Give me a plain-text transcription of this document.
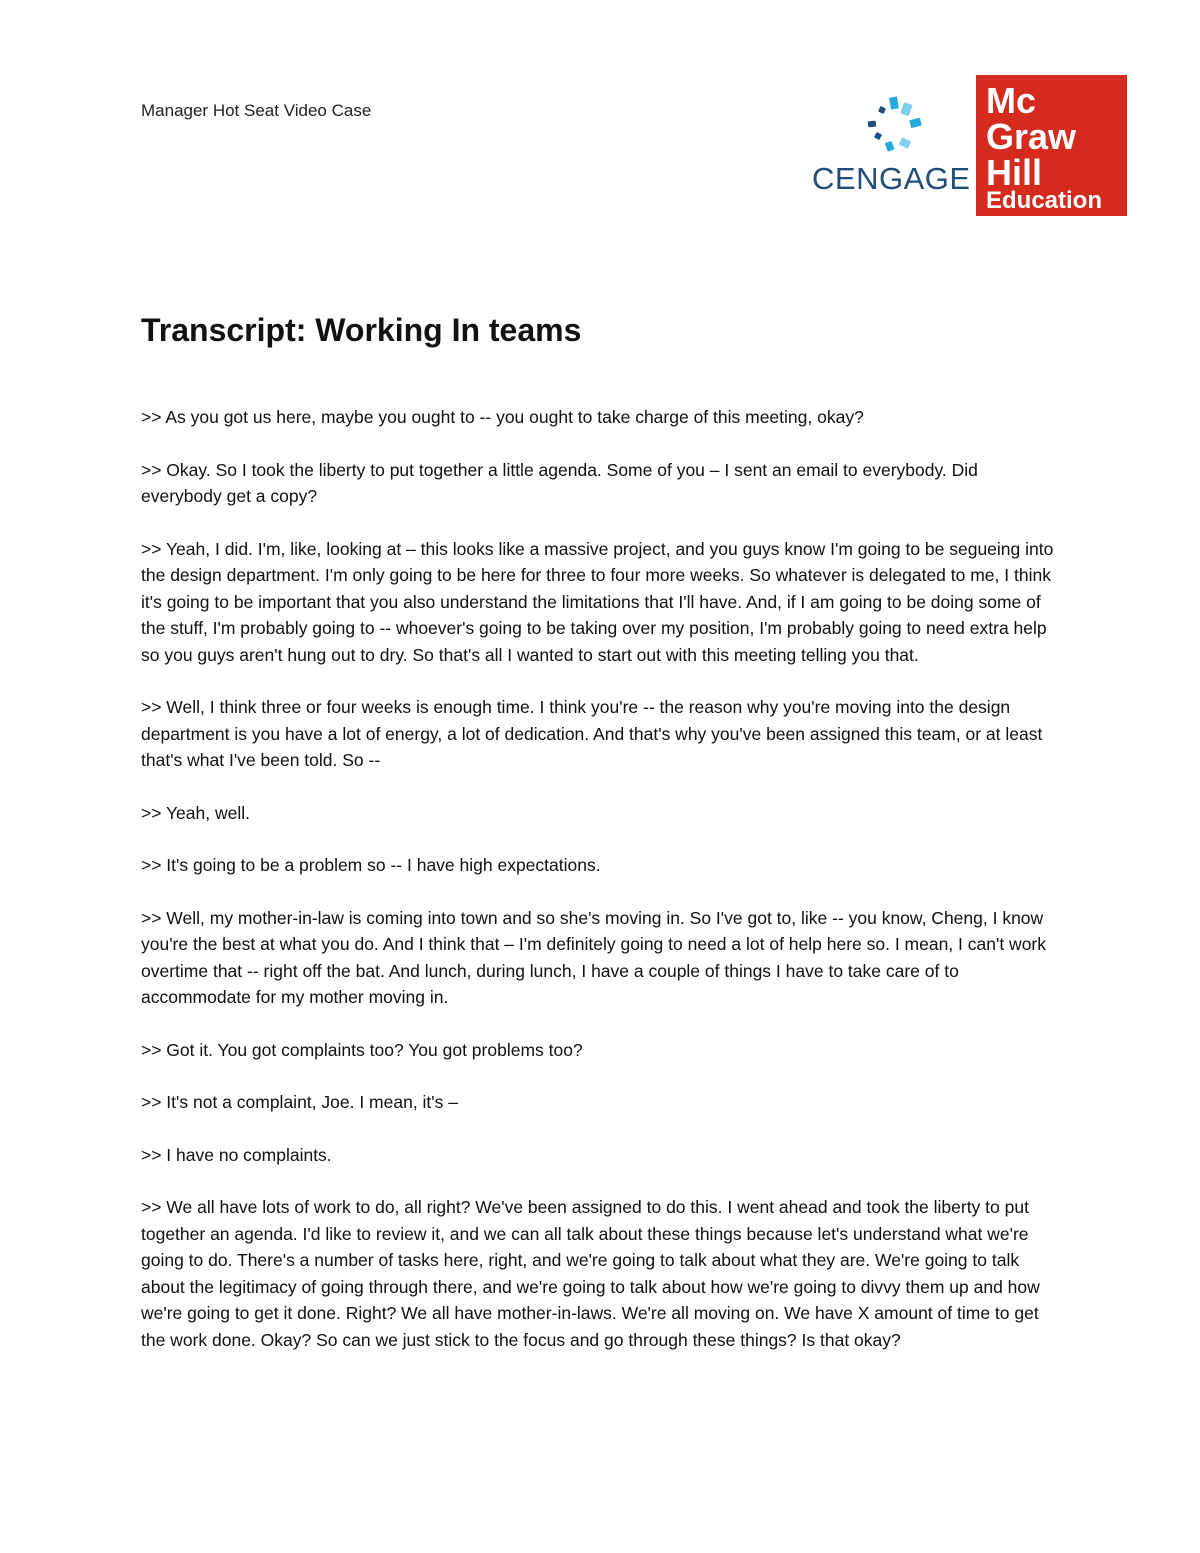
Manager Hot Seat Video Case
CENGAGE
Mc
Graw
Hill
Education
Transcript: Working In teams

>> As you got us here, maybe you ought to -- you ought to take charge of this meeting, okay?

>> Okay. So I took the liberty to put together a little agenda. Some of you – I sent an email to everybody. Did everybody get a copy?

>> Yeah, I did. I'm, like, looking at – this looks like a massive project, and you guys know I'm going to be segueing into the design department. I'm only going to be here for three to four more weeks. So whatever is delegated to me, I think it's going to be important that you also understand the limitations that I'll have. And, if I am going to be doing some of the stuff, I'm probably going to -- whoever's going to be taking over my position, I'm probably going to need extra help so you guys aren't hung out to dry. So that's all I wanted to start out with this meeting telling you that.

>> Well, I think three or four weeks is enough time. I think you're -- the reason why you're moving into the design department is you have a lot of energy, a lot of dedication. And that's why you've been assigned this team, or at least that's what I've been told. So --

>> Yeah, well.

>> It's going to be a problem so -- I have high expectations.

>> Well, my mother-in-law is coming into town and so she's moving in. So I've got to, like -- you know, Cheng, I know you're the best at what you do. And I think that – I'm definitely going to need a lot of help here so. I mean, I can't work overtime that -- right off the bat. And lunch, during lunch, I have a couple of things I have to take care of to accommodate for my mother moving in.

>> Got it. You got complaints too? You got problems too?

>> It's not a complaint, Joe. I mean, it's –

>> I have no complaints.

>> We all have lots of work to do, all right? We've been assigned to do this. I went ahead and took the liberty to put together an agenda. I'd like to review it, and we can all talk about these things because let's understand what we're going to do. There's a number of tasks here, right, and we're going to talk about what they are. We're going to talk about the legitimacy of going through there, and we're going to talk about how we're going to divvy them up and how we're going to get it done. Right? We all have mother-in-laws. We're all moving on. We have X amount of time to get the work done. Okay? So can we just stick to the focus and go through these things? Is that okay?
